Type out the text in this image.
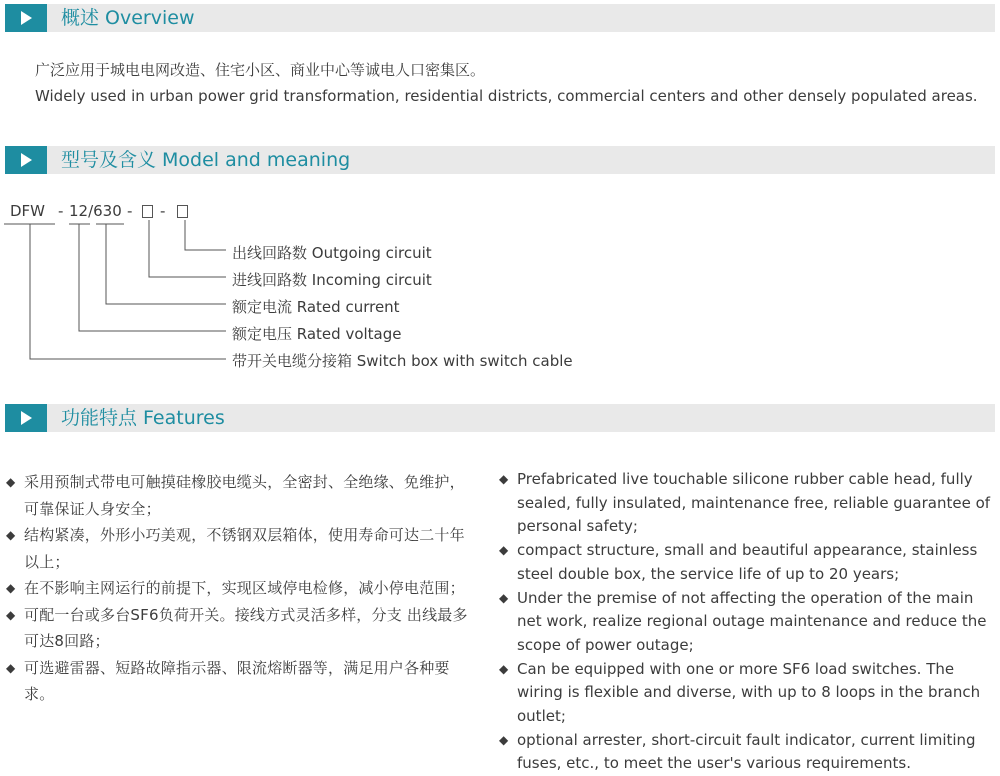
概述 Overview
广泛应用于城电电网改造、住宅小区、商业中心等诚电人口密集区。
Widely used in urban power grid transformation, residential districts, commercial centers and other densely populated areas.
型号及含义 Model and meaning
DFW - 12/630 - -
出线回路数 Outgoing circuit
进线回路数 Incoming circuit
额定电流 Rated current
额定电压 Rated voltage
带开关电缆分接箱 Switch box with switch cable
功能特点 Features
◆ 采用预制式带电可触摸硅橡胶电缆头，全密封、全绝缘、免维护，可靠保证人身安全；
◆ 结构紧凑，外形小巧美观，不锈钢双层箱体，使用寿命可达二十年以上；
◆ 在不影响主网运行的前提下，实现区域停电检修，减小停电范围；
◆ 可配一台或多台SF6负荷开关。接线方式灵活多样，分支 出线最多可达8回路；
◆ 可选避雷器、短路故障指示器、限流熔断器等，满足用户各种要求。
◆ Prefabricated live touchable silicone rubber cable head, fully sealed, fully insulated, maintenance free, reliable guarantee of personal safety;
◆ compact structure, small and beautiful appearance, stainless steel double box, the service life of up to 20 years;
◆ Under the premise of not affecting the operation of the main net work, realize regional outage maintenance and reduce the scope of power outage;
◆ Can be equipped with one or more SF6 load switches. The wiring is flexible and diverse, with up to 8 loops in the branch outlet;
◆ optional arrester, short-circuit fault indicator, current limiting fuses, etc., to meet the user's various requirements.
